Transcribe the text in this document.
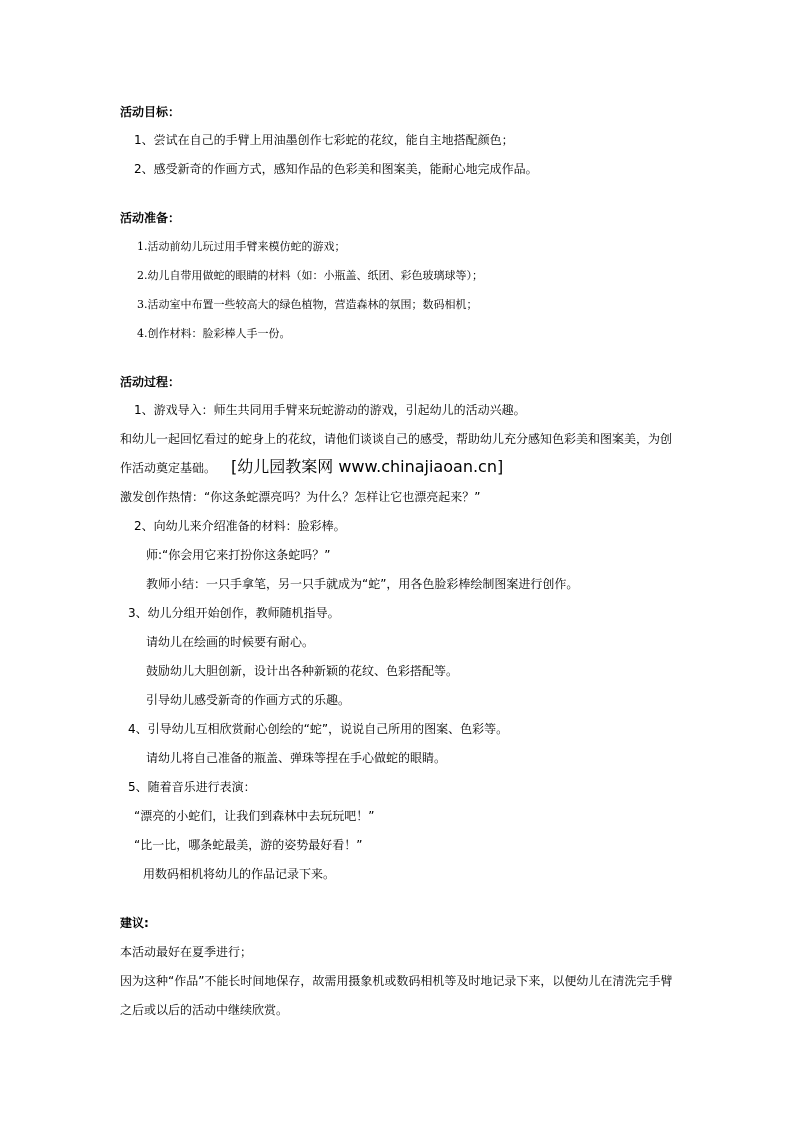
活动目标：
1、尝试在自己的手臂上用油墨创作七彩蛇的花纹，能自主地搭配颜色；
2、感受新奇的作画方式，感知作品的色彩美和图案美，能耐心地完成作品。
活动准备：
1.活动前幼儿玩过用手臂来模仿蛇的游戏；
2.幼儿自带用做蛇的眼睛的材料（如：小瓶盖、纸团、彩色玻璃球等）；
3.活动室中布置一些较高大的绿色植物，营造森林的氛围；数码相机；
4.创作材料：脸彩棒人手一份。
活动过程：
1、游戏导入：师生共同用手臂来玩蛇游动的游戏，引起幼儿的活动兴趣。
和幼儿一起回忆看过的蛇身上的花纹，请他们谈谈自己的感受，帮助幼儿充分感知色彩美和图案美，为创
作活动奠定基础。 [幼儿园教案网 www.chinajiaoan.cn]
激发创作热情：“你这条蛇漂亮吗？为什么？怎样让它也漂亮起来？”
2、向幼儿来介绍准备的材料：脸彩棒。
师:“你会用它来打扮你这条蛇吗？”
教师小结：一只手拿笔，另一只手就成为“蛇”，用各色脸彩棒绘制图案进行创作。
3、幼儿分组开始创作，教师随机指导。
请幼儿在绘画的时候要有耐心。
鼓励幼儿大胆创新，设计出各种新颖的花纹、色彩搭配等。
引导幼儿感受新奇的作画方式的乐趣。
4、引导幼儿互相欣赏耐心创绘的“蛇”，说说自己所用的图案、色彩等。
请幼儿将自己准备的瓶盖、弹珠等捏在手心做蛇的眼睛。
5、随着音乐进行表演：
“漂亮的小蛇们，让我们到森林中去玩玩吧！”
“比一比，哪条蛇最美，游的姿势最好看！”
用数码相机将幼儿的作品记录下来。
建议:
本活动最好在夏季进行；
因为这种“作品”不能长时间地保存，故需用摄象机或数码相机等及时地记录下来，以便幼儿在清洗完手臂
之后或以后的活动中继续欣赏。
